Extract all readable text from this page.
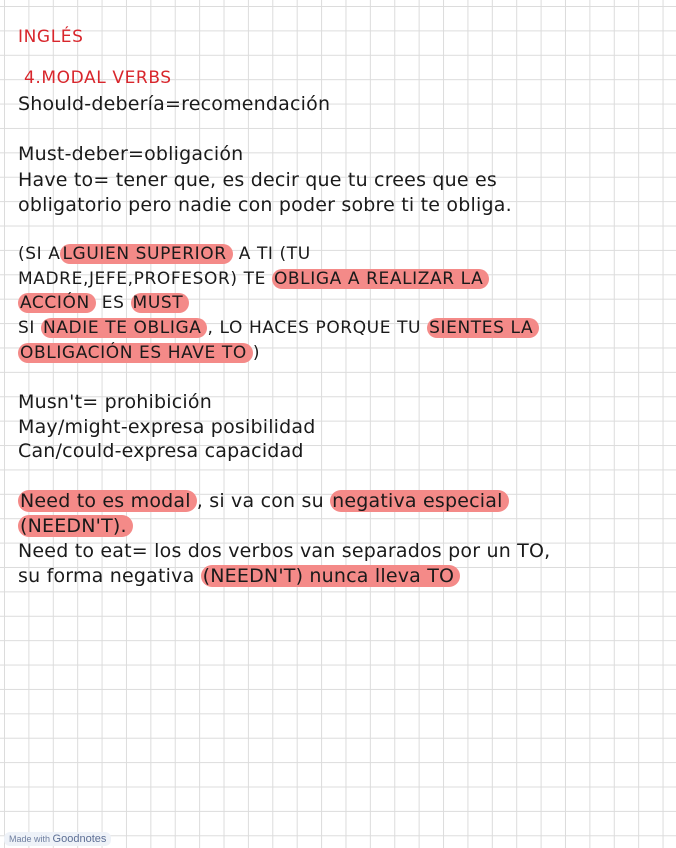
INGLÉS

4.MODAL VERBS

Should-debería=recomendación

Must-deber=obligación

Have to= tener que, es decir que tu crees que es

obligatorio pero nadie con poder sobre ti te obliga.

(SI A LGUIEN SUPERIOR A TI (TU

MADRE,JEFE,PROFESOR) TE OBLIGA A REALIZAR LA

ACCIÓN ES MUST

SI NADIE TE OBLIGA , LO HACES PORQUE TU SIENTES LA

OBLIGACIÓN ES HAVE TO )

Musn't= prohibición

May/might-expresa posibilidad

Can/could-expresa capacidad

Need to es modal , si va con su negativa especial

(NEEDN'T).

Need to eat= los dos verbos van separados por un TO,

su forma negativa (NEEDN'T) nunca lleva TO

Made with Goodnotes
